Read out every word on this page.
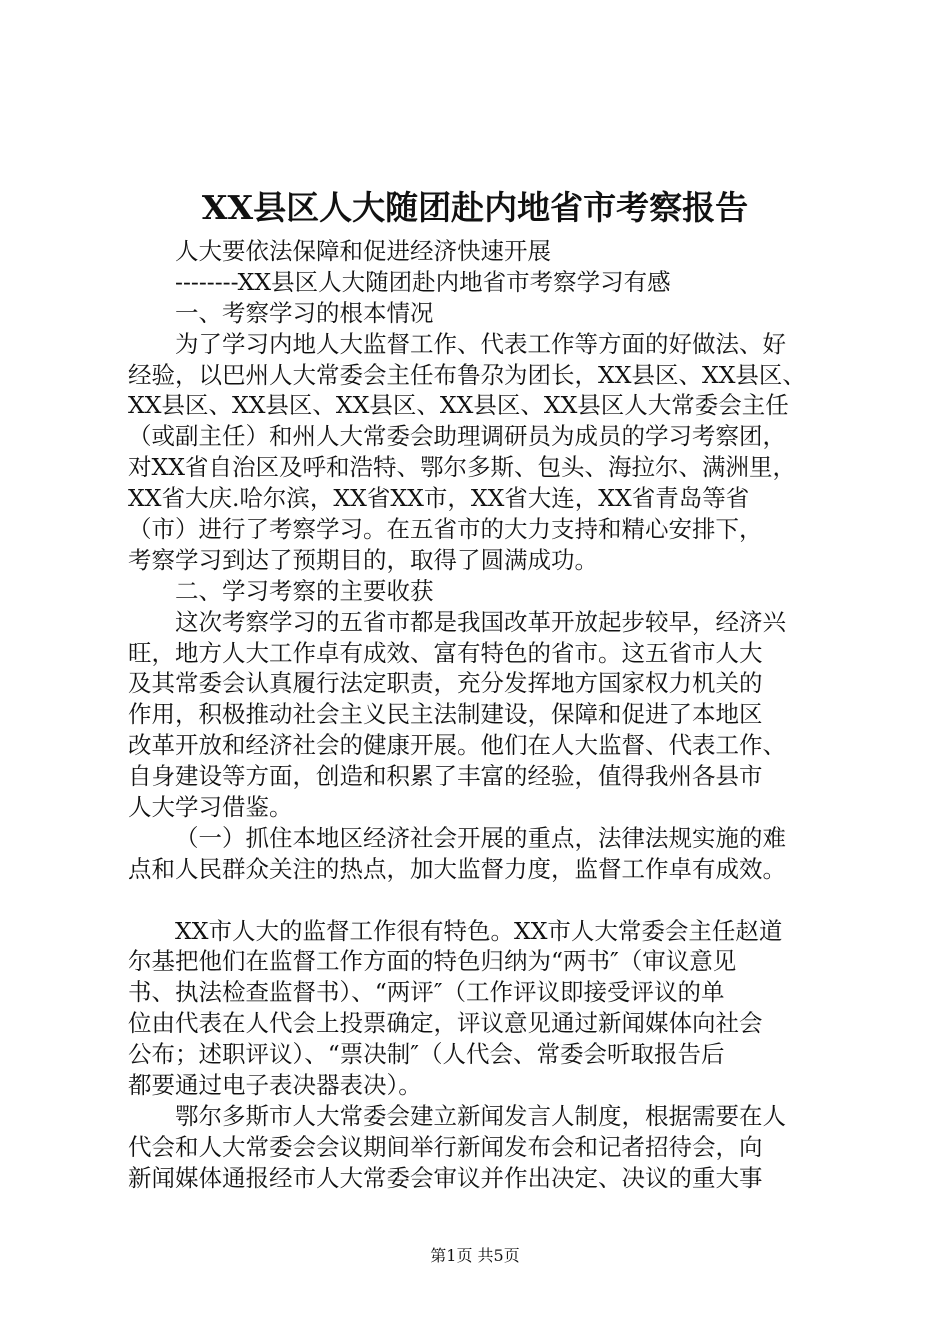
XX县区人大随团赴内地省市考察报告
人大要依法保障和促进经济快速开展
--------XX县区人大随团赴内地省市考察学习有感
一、考察学习的根本情况
为了学习内地人大监督工作、代表工作等方面的好做法、好
经验，以巴州人大常委会主任布鲁尕为团长，XX县区、XX县区、
XX县区、XX县区、XX县区、XX县区、XX县区人大常委会主任
（或副主任）和州人大常委会助理调研员为成员的学习考察团，
对XX省自治区及呼和浩特、鄂尔多斯、包头、海拉尔、满洲里，
XX省大庆.哈尔滨，XX省XX市，XX省大连，XX省青岛等省
（市）进行了考察学习。在五省市的大力支持和精心安排下，
考察学习到达了预期目的，取得了圆满成功。
二、学习考察的主要收获
这次考察学习的五省市都是我国改革开放起步较早，经济兴
旺，地方人大工作卓有成效、富有特色的省市。这五省市人大
及其常委会认真履行法定职责，充分发挥地方国家权力机关的
作用，积极推动社会主义民主法制建设，保障和促进了本地区
改革开放和经济社会的健康开展。他们在人大监督、代表工作、
自身建设等方面，创造和积累了丰富的经验，值得我州各县市
人大学习借鉴。
（一）抓住本地区经济社会开展的重点，法律法规实施的难
点和人民群众关注的热点，加大监督力度，监督工作卓有成效。
XX市人大的监督工作很有特色。XX市人大常委会主任赵道
尔基把他们在监督工作方面的特色归纳为“两书″（审议意见
书、执法检查监督书）、“两评″（工作评议即接受评议的单
位由代表在人代会上投票确定，评议意见通过新闻媒体向社会
公布；述职评议）、“票决制″（人代会、常委会听取报告后
都要通过电子表决器表决）。
鄂尔多斯市人大常委会建立新闻发言人制度，根据需要在人
代会和人大常委会会议期间举行新闻发布会和记者招待会，向
新闻媒体通报经市人大常委会审议并作出决定、决议的重大事
第1页 共5页
